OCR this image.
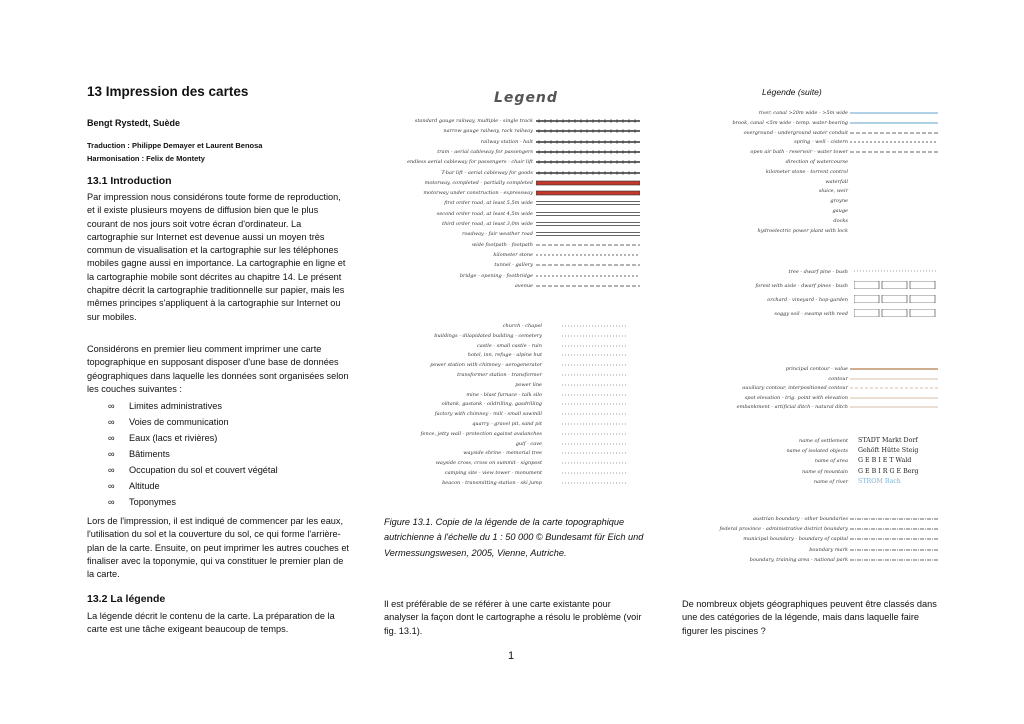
13 Impression des cartes
Bengt Rystedt, Suède
Traduction : Philippe Demayer et Laurent Benosa
Harmonisation : Felix de Montety
13.1 Introduction

Par impression nous considérons toute forme de reproduction, et il existe plusieurs moyens de diffusion bien que le plus courant de nos jours soit votre écran d'ordinateur. La cartographie sur Internet est devenue aussi un moyen très commun de visualisation et la cartographie sur les téléphones mobiles gagne aussi en importance. La cartographie en ligne et la cartographie mobile sont décrites au chapitre 14. Le présent chapitre décrit la cartographie traditionnelle sur papier, mais les mêmes principes s'appliquent à la cartographie sur Internet ou sur mobiles.

Considérons en premier lieu comment imprimer une carte topographique en supposant disposer d'une base de données géographiques dans laquelle les données sont organisées selon les couches suivantes :

∞	Limites administratives
∞	Voies de communication
∞	Eaux (lacs et rivières)
∞	Bâtiments
∞	Occupation du sol et couvert végétal
∞	Altitude
∞	Toponymes

Lors de l'impression, il est indiqué de commencer par les eaux, l'utilisation du sol et la couverture du sol, ce qui forme l'arrière-plan de la carte. Ensuite, on peut imprimer les autres couches et finaliser avec la toponymie, qui va constituer le premier plan de la carte.

13.2 La légende

La légende décrit le contenu de la carte. La préparation de la carte est une tâche exigeant beaucoup de temps.

Legend
standard gauge railway, multiple - single track
narrow gauge railway, rack railway
railway station - halt
tram - aerial cableway for passengers
endless aerial cableway for passengers - chair lift
T-bar lift - aerial cableway for goods
motorway, completed - partially completed
motorway under construction - expressway
first order road, at least 5,5m wide
second order road, at least 4,5m wide
third order road, at least 3,0m wide
roadway - fair weather road
wide footpath - footpath
kilometer stone
tunnel - gallery
bridge - opening - footbridge
avenue
church - chapel
buildings - dilapidated building - cemetery
castle - small castle - ruin
hotel, inn, refuge - alpine hut
power station with chimney - aerogenerator
transformer station - transformer
power line
mine - blast furnace - talk silo
oiltank, gastank - oildrilling, gasdrilling
factory with chimney - mill - small sawmill
quarry - gravel pit, sand pit
fence, jetty wall - protection against avalanches
gulf - cave
wayside shrine - memorial tree
wayside cross, cross on summit - signpost
camping site - view tower - monument
beacon - transmitting station - ski jump
Figure 13.1. Copie de la légende de la carte topographique autrichienne à l'échelle du 1 : 50 000 © Bundesamt für Eich und Vermessungswesen, 2005, Vienne, Autriche.
Il est préférable de se référer à une carte existante pour analyser la façon dont le cartographe a résolu le problème (voir fig. 13.1).
Légende (suite)
river, canal >20m wide - >5m wide
brook, canal <5m wide - temp. water-bearing
overground - underground water conduit
spring - well - cistern
open air bath - reservoir - water tower
direction of watercourse
kilometer stone - torrent control
waterfall
sluice, weir
groyne
gauge
docks
hydroelectric power plant with lock
tree - dwarf pine - bush
forest with aisle - dwarf pines - bush
orchard - vineyard - hop-garden
soggy soil - swamp with reed
principal contour - value
contour
auxiliary contour, interpositioned contour
spot elevation - trig. point with elevation
embankment - artificial ditch - natural ditch
name of settlement STADT Markt Dorf
name of isolated objects Gehöft Hütte Steig
name of area G E B I E T Wald
name of mountain G E B I R G E Berg
name of river STROM Bach
austrian boundary - other boundaries
federal province - administrative district boundary
municipal boundary - boundary of capital
boundary mark
boundary, training area - national park
De nombreux objets géographiques peuvent être classés dans une des catégories de la légende, mais dans laquelle faire figurer les piscines ?
1
